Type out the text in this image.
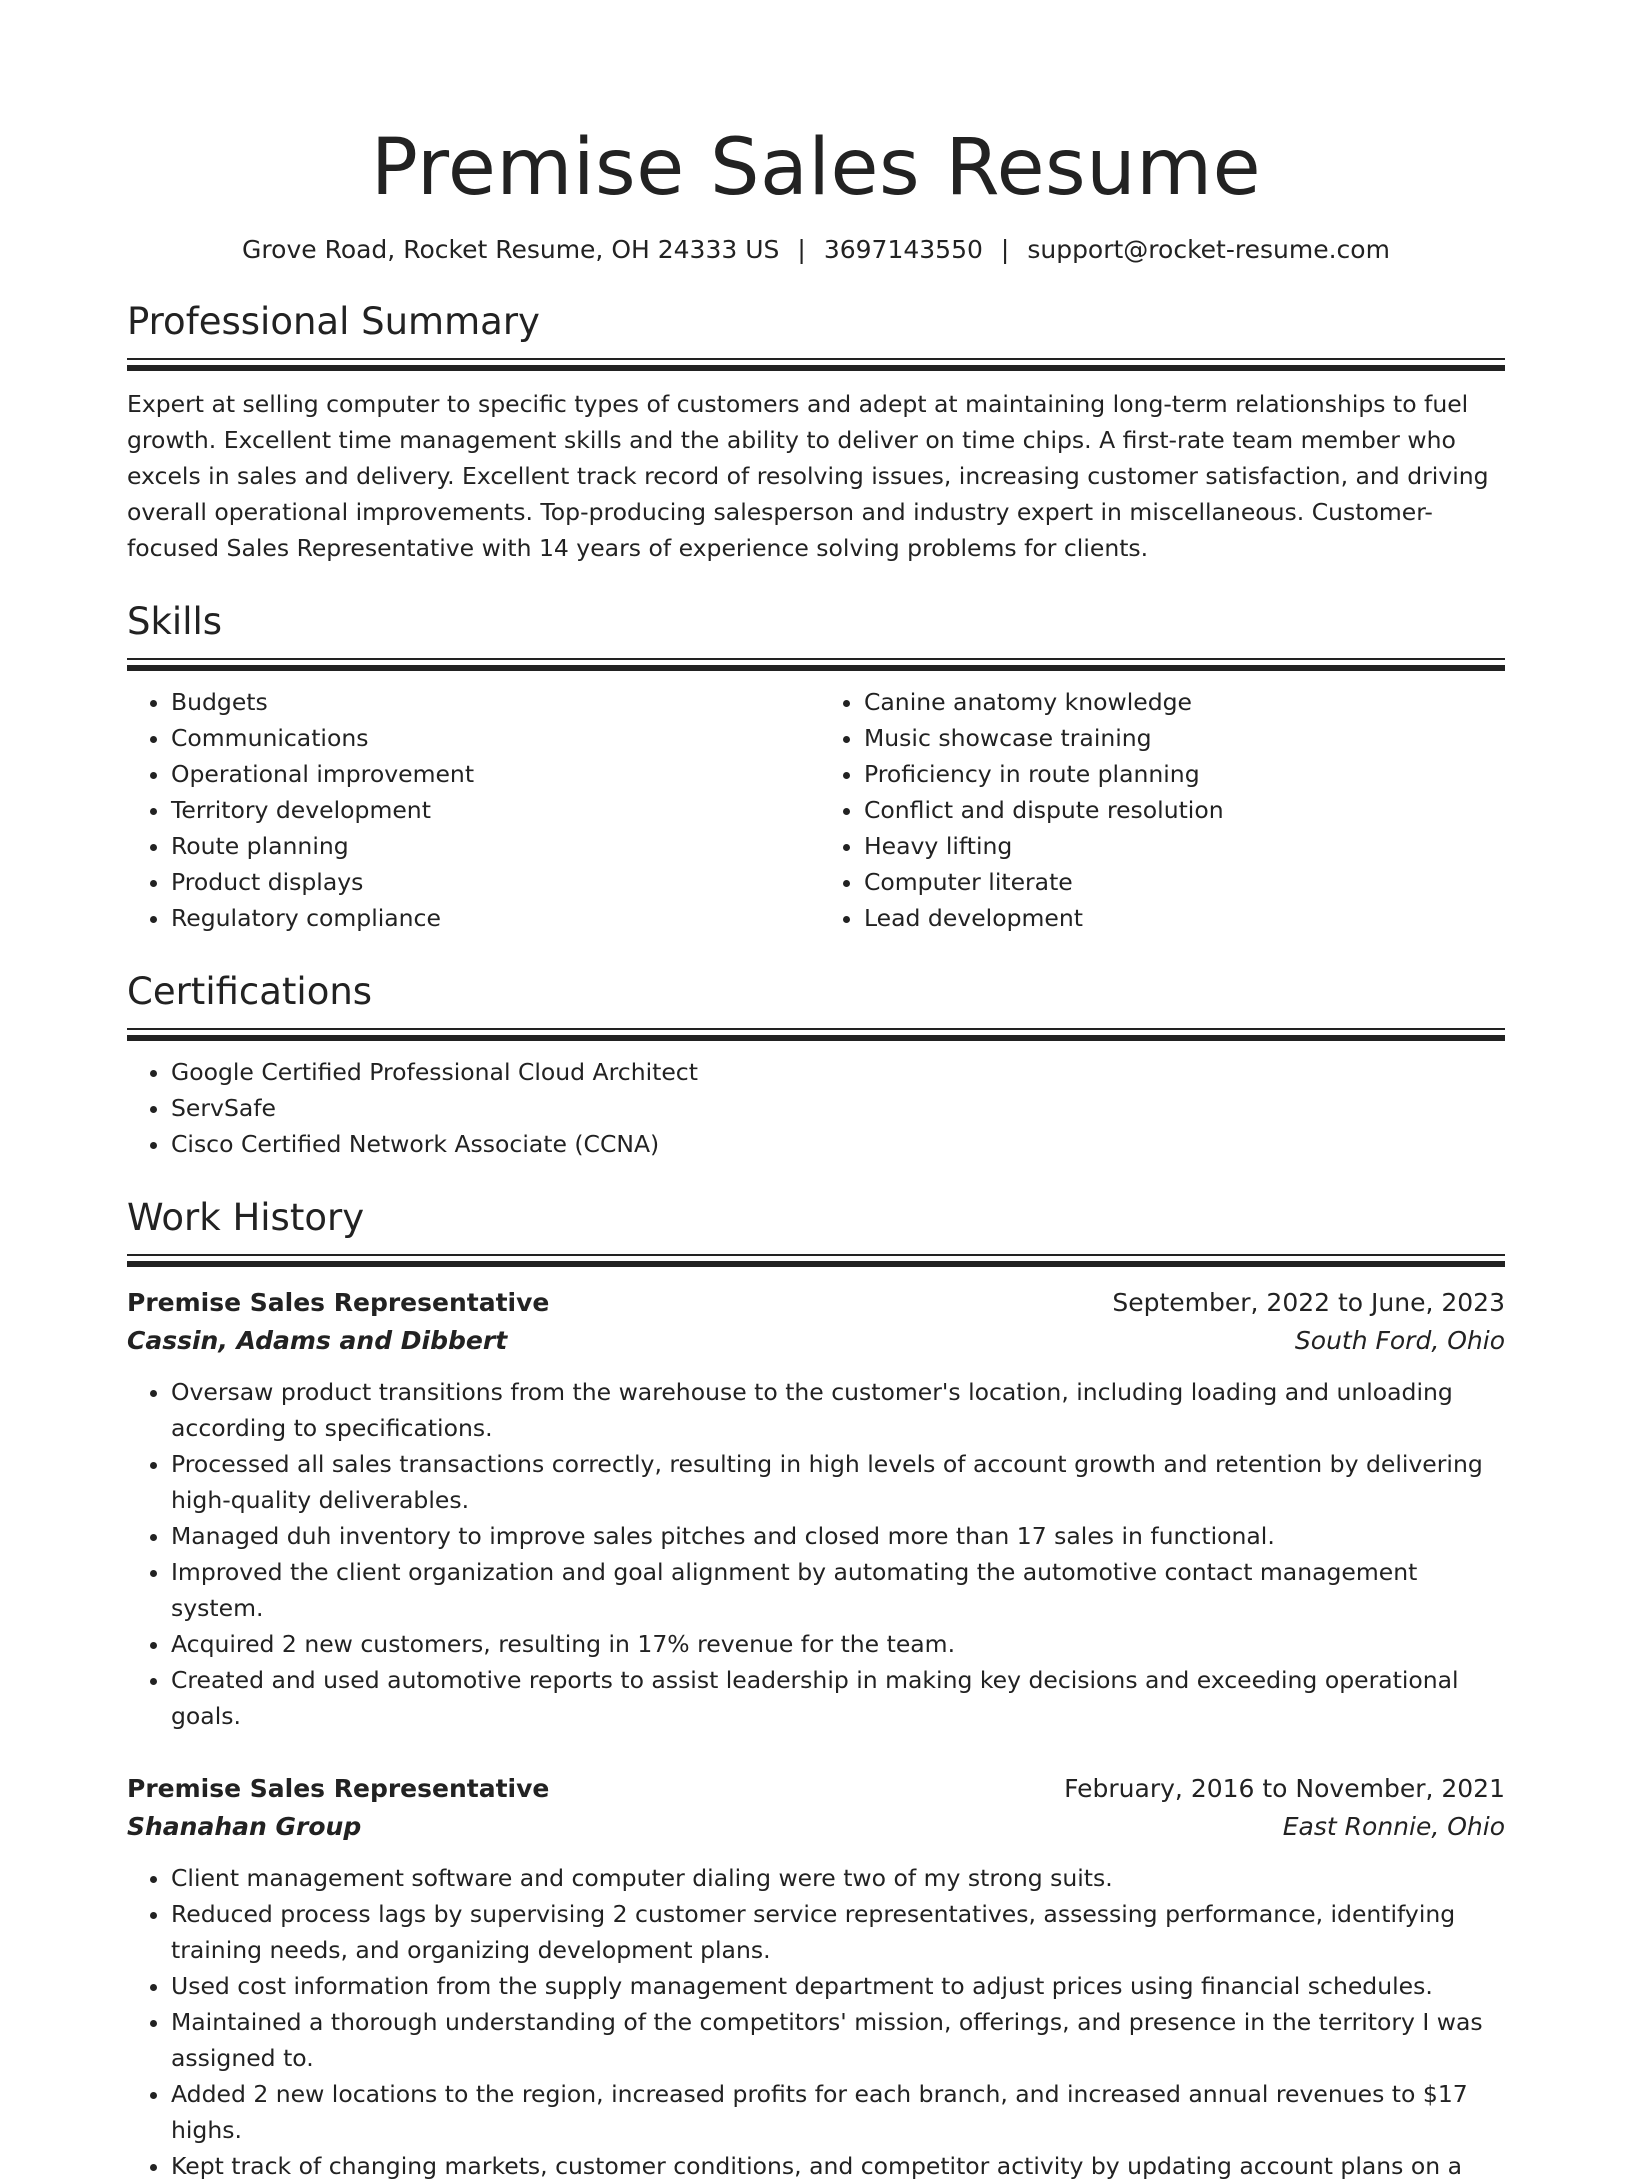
Premise Sales Resume
Grove Road, Rocket Resume, OH 24333 US | 3697143550 | support@rocket-resume.com
Professional Summary

Expert at selling computer to specific types of customers and adept at maintaining long-term relationships to fuel growth. Excellent time management skills and the ability to deliver on time chips. A first-rate team member who excels in sales and delivery. Excellent track record of resolving issues, increasing customer satisfaction, and driving overall operational improvements. Top-producing salesperson and industry expert in miscellaneous. Customer-focused Sales Representative with 14 years of experience solving problems for clients.

Skills
• Budgets
• Communications
• Operational improvement
• Territory development
• Route planning
• Product displays
• Regulatory compliance
• Canine anatomy knowledge
• Music showcase training
• Proficiency in route planning
• Conflict and dispute resolution
• Heavy lifting
• Computer literate
• Lead development
Certifications
• Google Certified Professional Cloud Architect
• ServSafe
• Cisco Certified Network Associate (CCNA)
Work History
Premise Sales Representative	September, 2022 to June, 2023
Cassin, Adams and Dibbert	South Ford, Ohio
• Oversaw product transitions from the warehouse to the customer's location, including loading and unloading according to specifications.
• Processed all sales transactions correctly, resulting in high levels of account growth and retention by delivering high-quality deliverables.
• Managed duh inventory to improve sales pitches and closed more than 17 sales in functional.
• Improved the client organization and goal alignment by automating the automotive contact management system.
• Acquired 2 new customers, resulting in 17% revenue for the team.
• Created and used automotive reports to assist leadership in making key decisions and exceeding operational goals.
Premise Sales Representative	February, 2016 to November, 2021
Shanahan Group	East Ronnie, Ohio
• Client management software and computer dialing were two of my strong suits.
• Reduced process lags by supervising 2 customer service representatives, assessing performance, identifying training needs, and organizing development plans.
• Used cost information from the supply management department to adjust prices using financial schedules.
• Maintained a thorough understanding of the competitors' mission, offerings, and presence in the territory I was assigned to.
• Added 2 new locations to the region, increased profits for each branch, and increased annual revenues to $17 highs.
• Kept track of changing markets, customer conditions, and competitor activity by updating account plans on a
